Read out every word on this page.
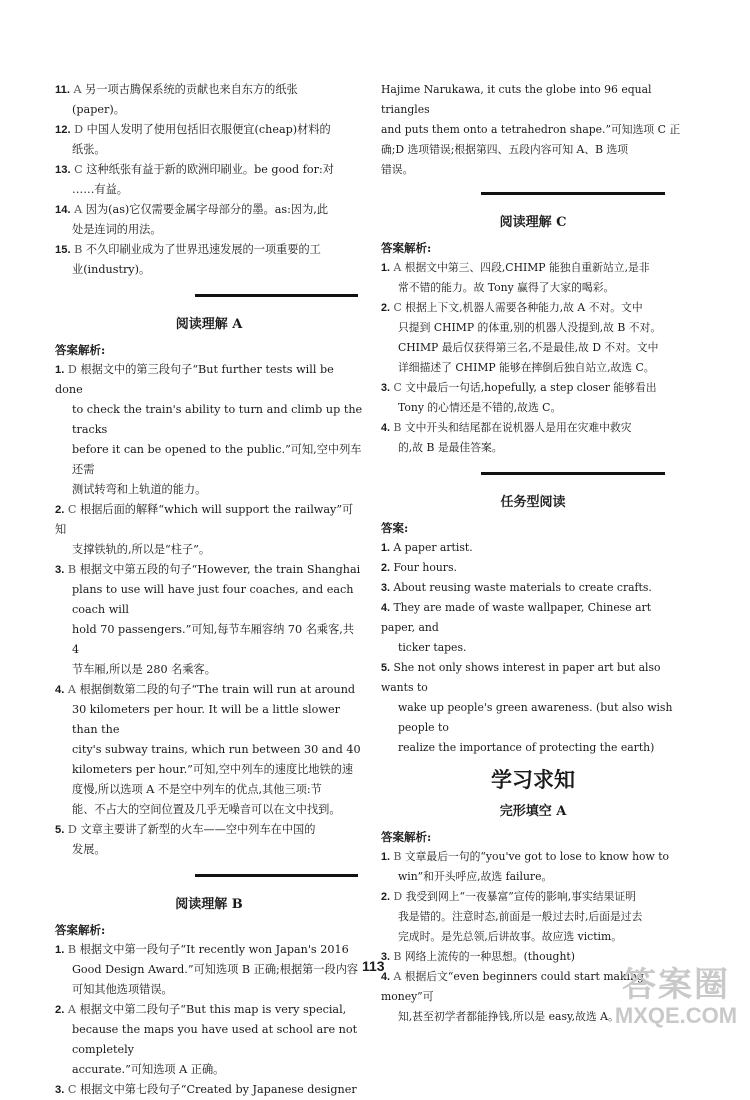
11. A 另一项古腾保系统的贡献也来自东方的纸张

(paper)。

12. D 中国人发明了使用包括旧衣服便宜(cheap)材料的

纸张。

13. C 这种纸张有益于新的欧洲印刷业。be good for:对

……有益。

14. A 因为(as)它仅需要金属字母部分的墨。as:因为,此

处是连词的用法。

15. B 不久印刷业成为了世界迅速发展的一项重要的工

业(industry)。

阅读理解 A
答案解析:

1. D 根据文中的第三段句子“But further tests will be done

to check the train's ability to turn and climb up the tracks

before it can be opened to the public.”可知,空中列车还需

测试转弯和上轨道的能力。

2. C 根据后面的解释“which will support the railway”可知

支撑铁轨的,所以是“柱子”。

3. B 根据文中第五段的句子“However, the train Shanghai

plans to use will have just four coaches, and each coach will

hold 70 passengers.”可知,每节车厢容纳 70 名乘客,共 4

节车厢,所以是 280 名乘客。

4. A 根据倒数第二段的句子“The train will run at around

30 kilometers per hour. It will be a little slower than the

city's subway trains, which run between 30 and 40

kilometers per hour.”可知,空中列车的速度比地铁的速

度慢,所以选项 A 不是空中列车的优点,其他三项:节

能、不占大的空间位置及几乎无噪音可以在文中找到。

5. D 文章主要讲了新型的火车——空中列车在中国的

发展。

阅读理解 B
答案解析:

1. B 根据文中第一段句子“It recently won Japan's 2016

Good Design Award.”可知选项 B 正确;根据第一段内容

可知其他选项错误。

2. A 根据文中第二段句子“But this map is very special,

because the maps you have used at school are not completely

accurate.”可知选项 A 正确。

3. C 根据文中第七段句子“Created by Japanese designer

Hajime Narukawa, it cuts the globe into 96 equal triangles

and puts them onto a tetrahedron shape.”可知选项 C 正

确;D 选项错误;根据第四、五段内容可知 A、B 选项

错误。

阅读理解 C
答案解析:

1. A 根据文中第三、四段,CHIMP 能独自重新站立,是非

常不错的能力。故 Tony 赢得了大家的喝彩。

2. C 根据上下文,机器人需要各种能力,故 A 不对。文中

只提到 CHIMP 的体重,别的机器人没提到,故 B 不对。

CHIMP 最后仅获得第三名,不是最佳,故 D 不对。文中

详细描述了 CHIMP 能够在摔倒后独自站立,故选 C。

3. C 文中最后一句话,hopefully, a step closer 能够看出

Tony 的心情还是不错的,故选 C。

4. B 文中开头和结尾都在说机器人是用在灾难中救灾

的,故 B 是最佳答案。

任务型阅读
答案:

1. A paper artist.

2. Four hours.

3. About reusing waste materials to create crafts.

4. They are made of waste wallpaper, Chinese art paper, and

ticker tapes.

5. She not only shows interest in paper art but also wants to

wake up people's green awareness. (but also wish people to

realize the importance of protecting the earth)

学习求知
完形填空 A
答案解析:

1. B 文章最后一句的“you've got to lose to know how to

win”和开头呼应,故选 failure。

2. D 我受到网上“一夜暴富”宣传的影响,事实结果证明

我是错的。注意时态,前面是一般过去时,后面是过去

完成时。是先总领,后讲故事。故应选 victim。

3. B 网络上流传的一种思想。(thought)

4. A 根据后文“even beginners could start making money”可

知,甚至初学者都能挣钱,所以是 easy,故选 A。

113	答案圈
MXQE.COM
